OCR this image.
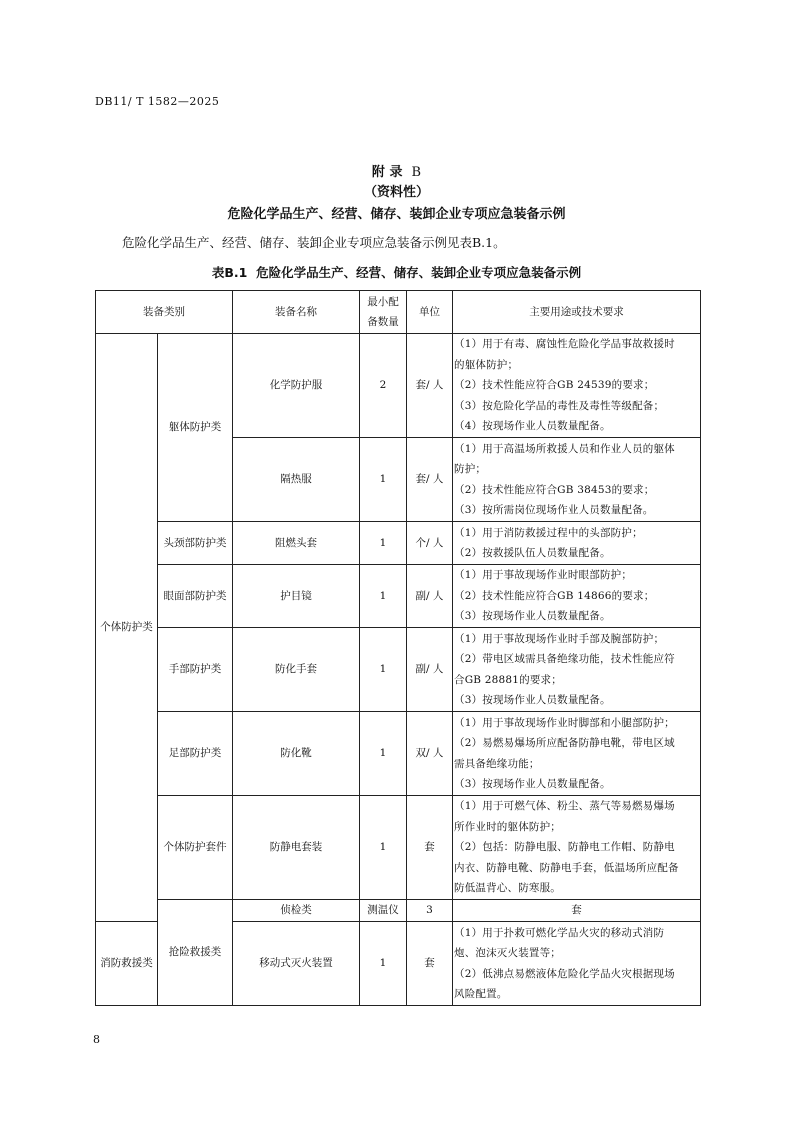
DB11/ T 1582—2025
附 录 B
（资料性）
危险化学品生产、经营、储存、装卸企业专项应急装备示例
危险化学品生产、经营、储存、装卸企业专项应急装备示例见表B.1。
表B.1 危险化学品生产、经营、储存、装卸企业专项应急装备示例
装备类别		装备名称	最小配
备数量	单位	主要用途或技术要求	
个体防护类	躯体防护类	化学防护服	2	套/ 人	（1）用于有毒、腐蚀性危险化学品事故救援时
的躯体防护；
（2）技术性能应符合GB 24539的要求；
（3）按危险化学品的毒性及毒性等级配备；
（4）按现场作业人员数量配备。	

		隔热服	1	套/ 人	（1）用于高温场所救援人员和作业人员的躯体
防护；
（2）技术性能应符合GB 38453的要求；
（3）按所需岗位现场作业人员数量配备。	

	头颈部防护类	阻燃头套	1	个/ 人	（1）用于消防救援过程中的头部防护；
（2）按救援队伍人员数量配备。	

	眼面部防护类	护目镜	1	副/ 人	（1）用于事故现场作业时眼部防护；
（2）技术性能应符合GB 14866的要求；
（3）按现场作业人员数量配备。	

	手部防护类	防化手套	1	副/ 人	（1）用于事故现场作业时手部及腕部防护；
（2）带电区域需具备绝缘功能，技术性能应符
合GB 28881的要求；
（3）按现场作业人员数量配备。	

	足部防护类	防化靴	1	双/ 人	（1）用于事故现场作业时脚部和小腿部防护；
（2）易燃易爆场所应配备防静电靴，带电区域
需具备绝缘功能；
（3）按现场作业人员数量配备。	

	个体防护套件	防静电套装	1	套	（1）用于可燃气体、粉尘、蒸气等易燃易爆场
所作业时的躯体防护；
（2）包括：防静电服、防静电工作帽、防静电
内衣、防静电靴、防静电手套，低温场所应配备
防低温背心、防寒服。	

	抢险救援类	侦检类	测温仪	3	套	

消防救援类		移动式灭火装置	1	套	（1）用于扑救可燃化学品火灾的移动式消防
炮、泡沫灭火装置等；
（2）低沸点易燃液体危险化学品火灾根据现场
风险配置。	
8
